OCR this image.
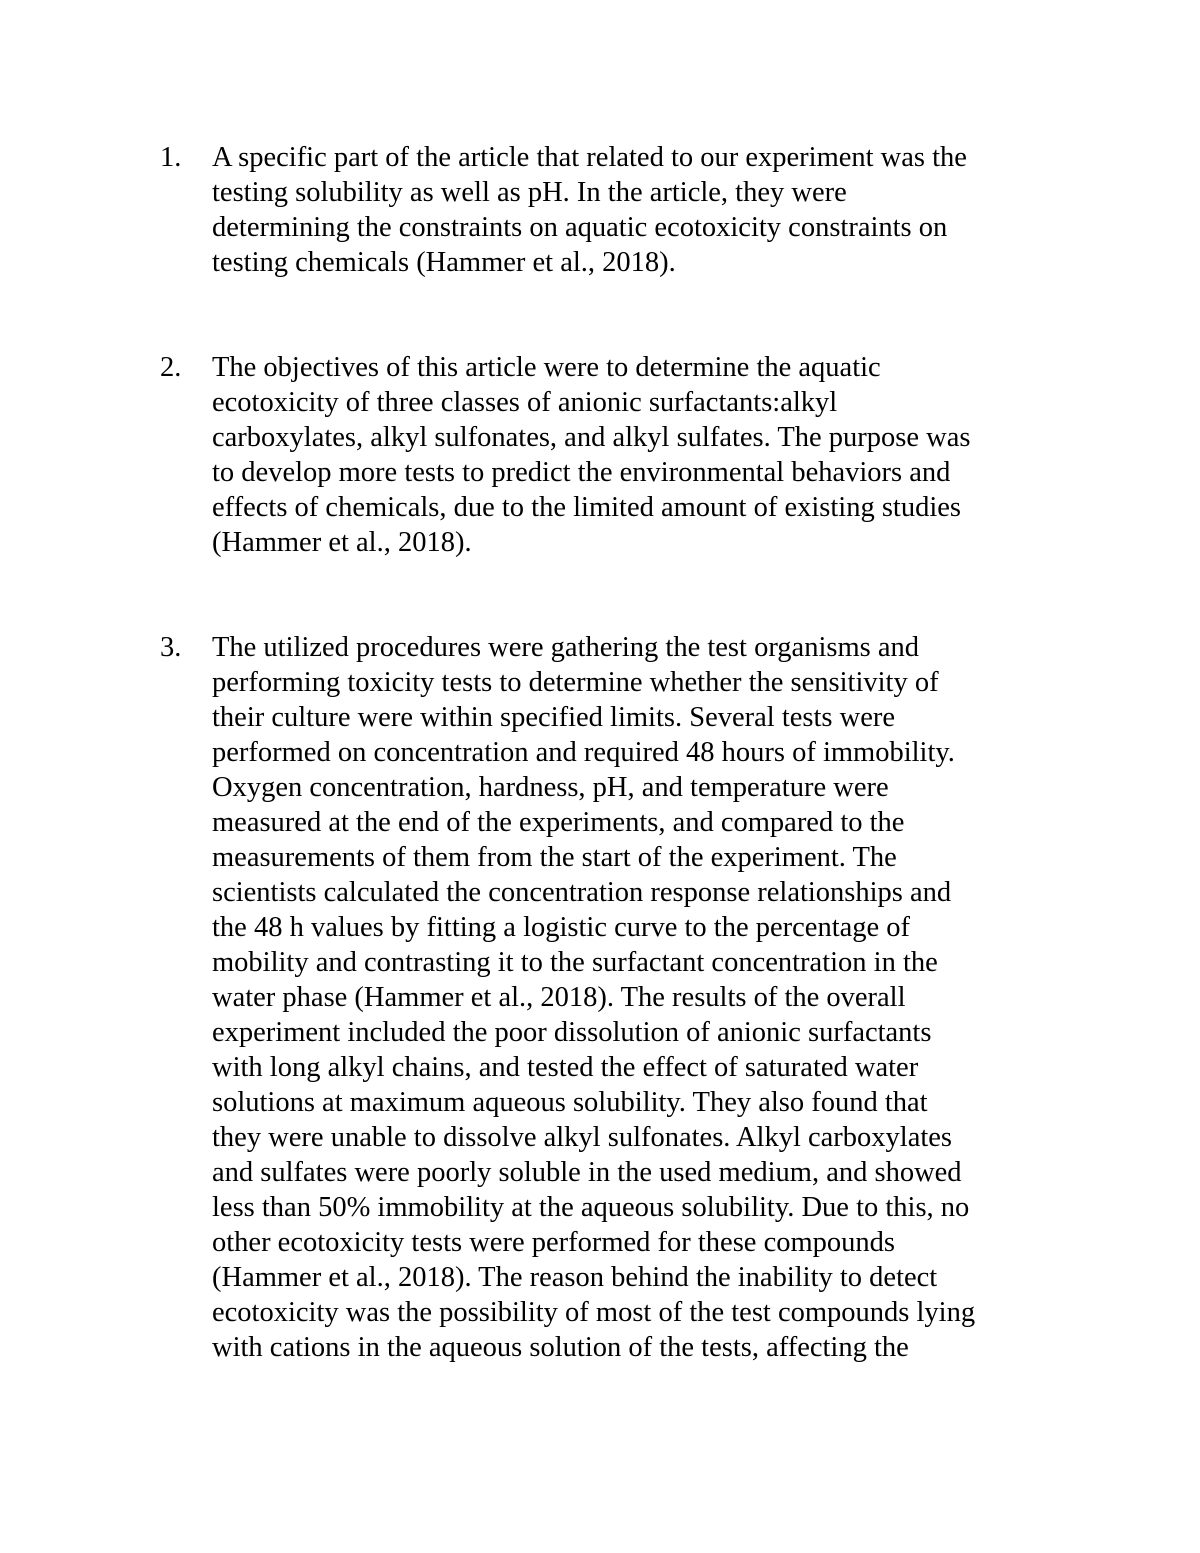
1.	A specific part of the article that related to our experiment was the
testing solubility as well as pH. In the article, they were
determining the constraints on aquatic ecotoxicity constraints on
testing chemicals (Hammer et al., 2018).
2.	The objectives of this article were to determine the aquatic
ecotoxicity of three classes of anionic surfactants:alkyl
carboxylates, alkyl sulfonates, and alkyl sulfates. The purpose was
to develop more tests to predict the environmental behaviors and
effects of chemicals, due to the limited amount of existing studies
(Hammer et al., 2018).
3.	The utilized procedures were gathering the test organisms and
performing toxicity tests to determine whether the sensitivity of
their culture were within specified limits. Several tests were
performed on concentration and required 48 hours of immobility.
Oxygen concentration, hardness, pH, and temperature were
measured at the end of the experiments, and compared to the
measurements of them from the start of the experiment. The
scientists calculated the concentration response relationships and
the 48 h values by fitting a logistic curve to the percentage of
mobility and contrasting it to the surfactant concentration in the
water phase (Hammer et al., 2018). The results of the overall
experiment included the poor dissolution of anionic surfactants
with long alkyl chains, and tested the effect of saturated water
solutions at maximum aqueous solubility. They also found that
they were unable to dissolve alkyl sulfonates. Alkyl carboxylates
and sulfates were poorly soluble in the used medium, and showed
less than 50% immobility at the aqueous solubility. Due to this, no
other ecotoxicity tests were performed for these compounds
(Hammer et al., 2018). The reason behind the inability to detect
ecotoxicity was the possibility of most of the test compounds lying
with cations in the aqueous solution of the tests, affecting the
